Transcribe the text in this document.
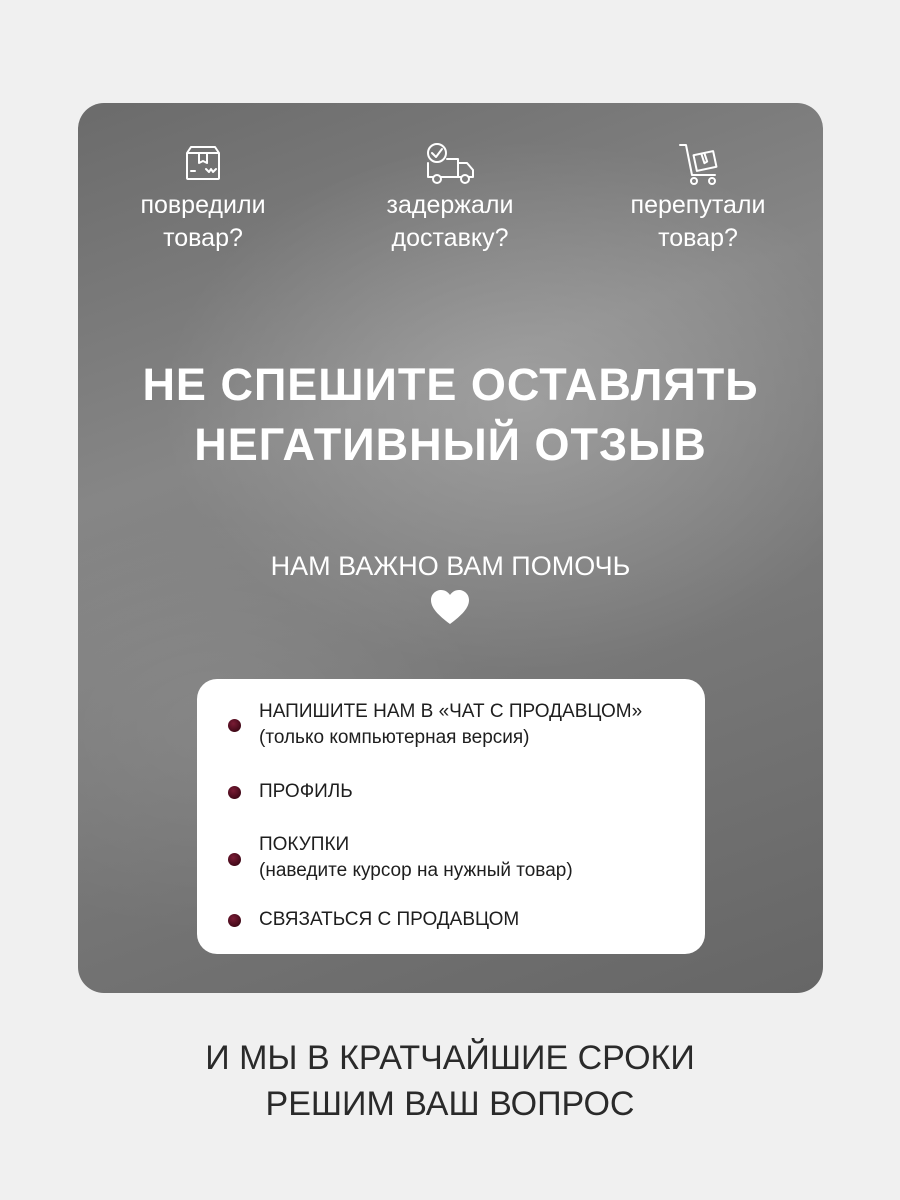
повредили
товар?
задержали
доставку?
перепутали
товар?
НЕ СПЕШИТЕ ОСТАВЛЯТЬ
НЕГАТИВНЫЙ ОТЗЫВ
НАМ ВАЖНО ВАМ ПОМОЧЬ
НАПИШИТЕ НАМ В «ЧАТ С ПРОДАВЦОМ»
(только компьютерная версия)
ПРОФИЛЬ
ПОКУПКИ
(наведите курсор на нужный товар)
СВЯЗАТЬСЯ С ПРОДАВЦОМ
И МЫ В КРАТЧАЙШИЕ СРОКИ
РЕШИМ ВАШ ВОПРОС
